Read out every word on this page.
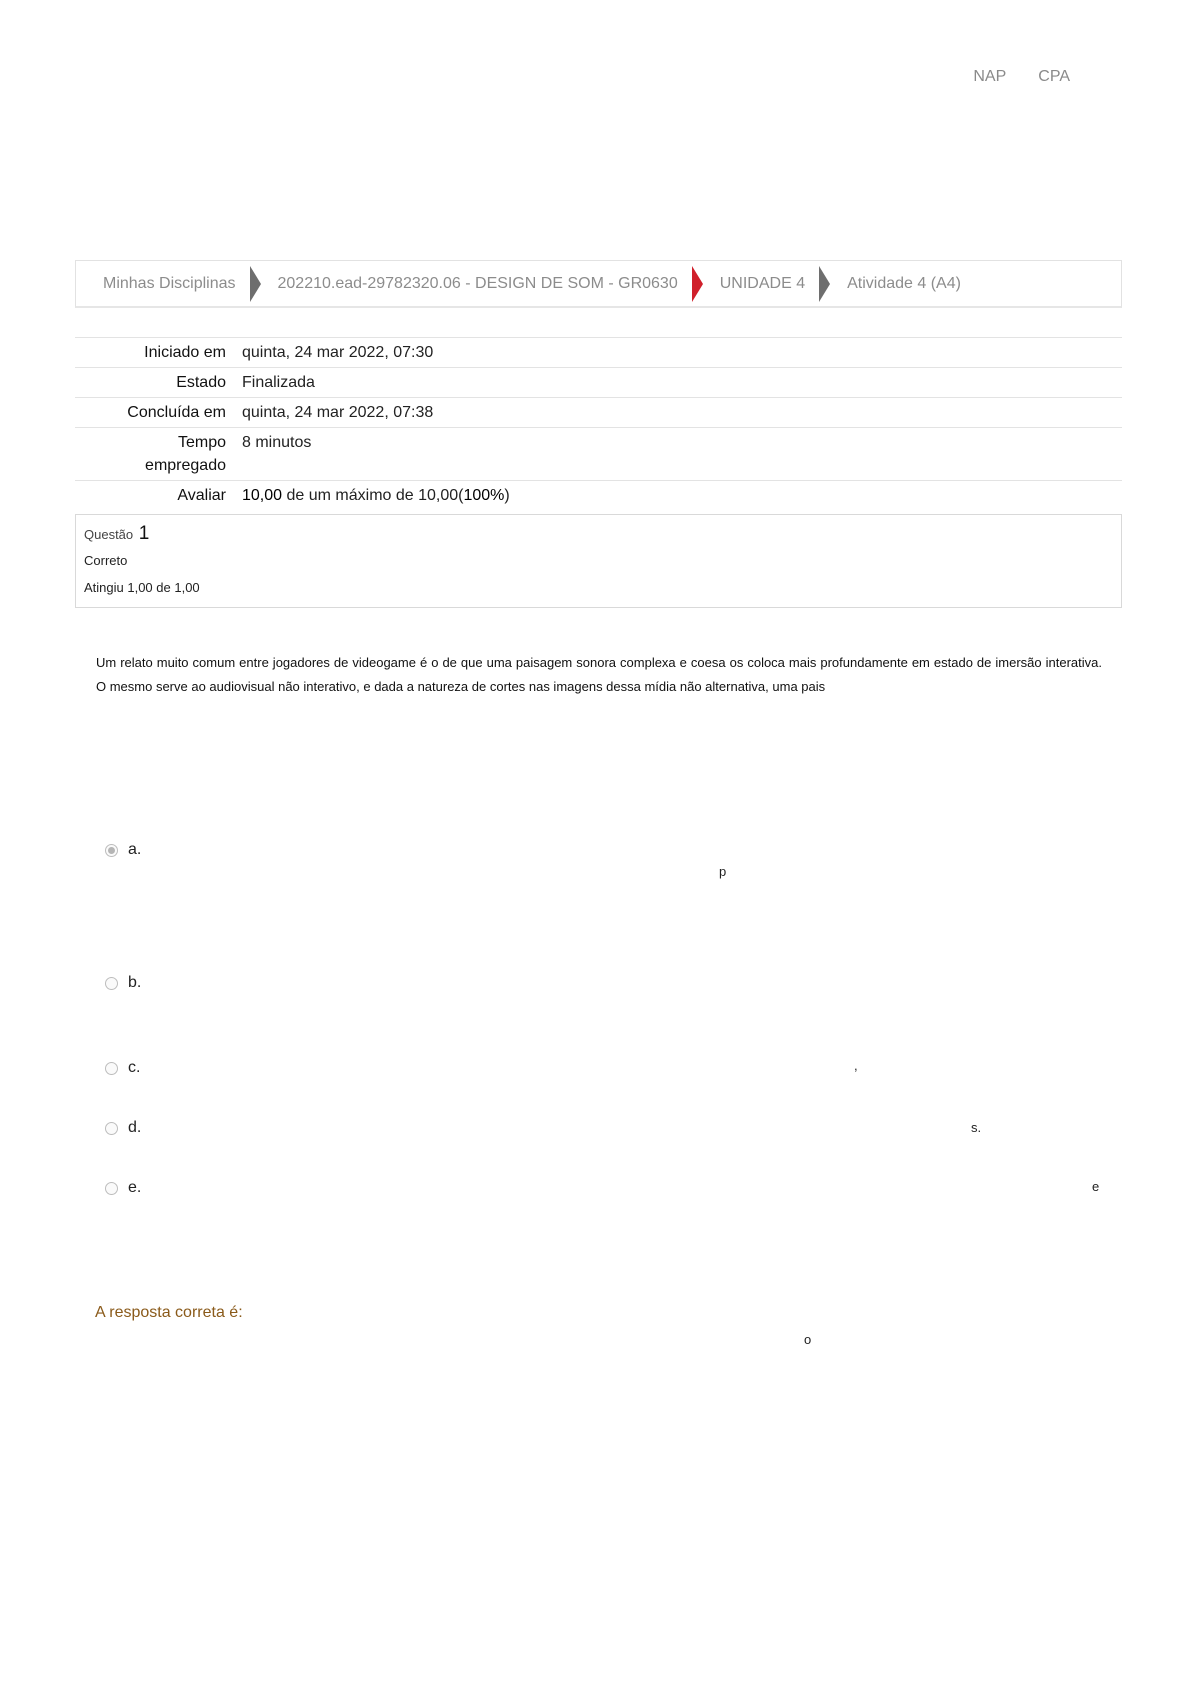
NAP CPA
Minhas Disciplinas	202210.ead-29782320.06 - DESIGN DE SOM - GR0630	UNIDADE 4	Atividade 4 (A4)
Iniciado em	quinta, 24 mar 2022, 07:30
Estado	Finalizada
Concluída em	quinta, 24 mar 2022, 07:38
Tempo
empregado	8 minutos
Avaliar	10,00 de um máximo de 10,00(100%)
Questão 1
Correto
Atingiu 1,00 de 1,00
Um relato muito comum entre jogadores de videogame é o de que uma paisagem sonora complexa e coesa os coloca mais profundamente em estado de imersão interativa. O mesmo serve ao audiovisual não interativo, e dada a natureza de cortes nas imagens dessa mídia não alternativa, uma pais
a.
p
b.
c.	,
d.	s.
e.	e
A resposta correta é:
o
